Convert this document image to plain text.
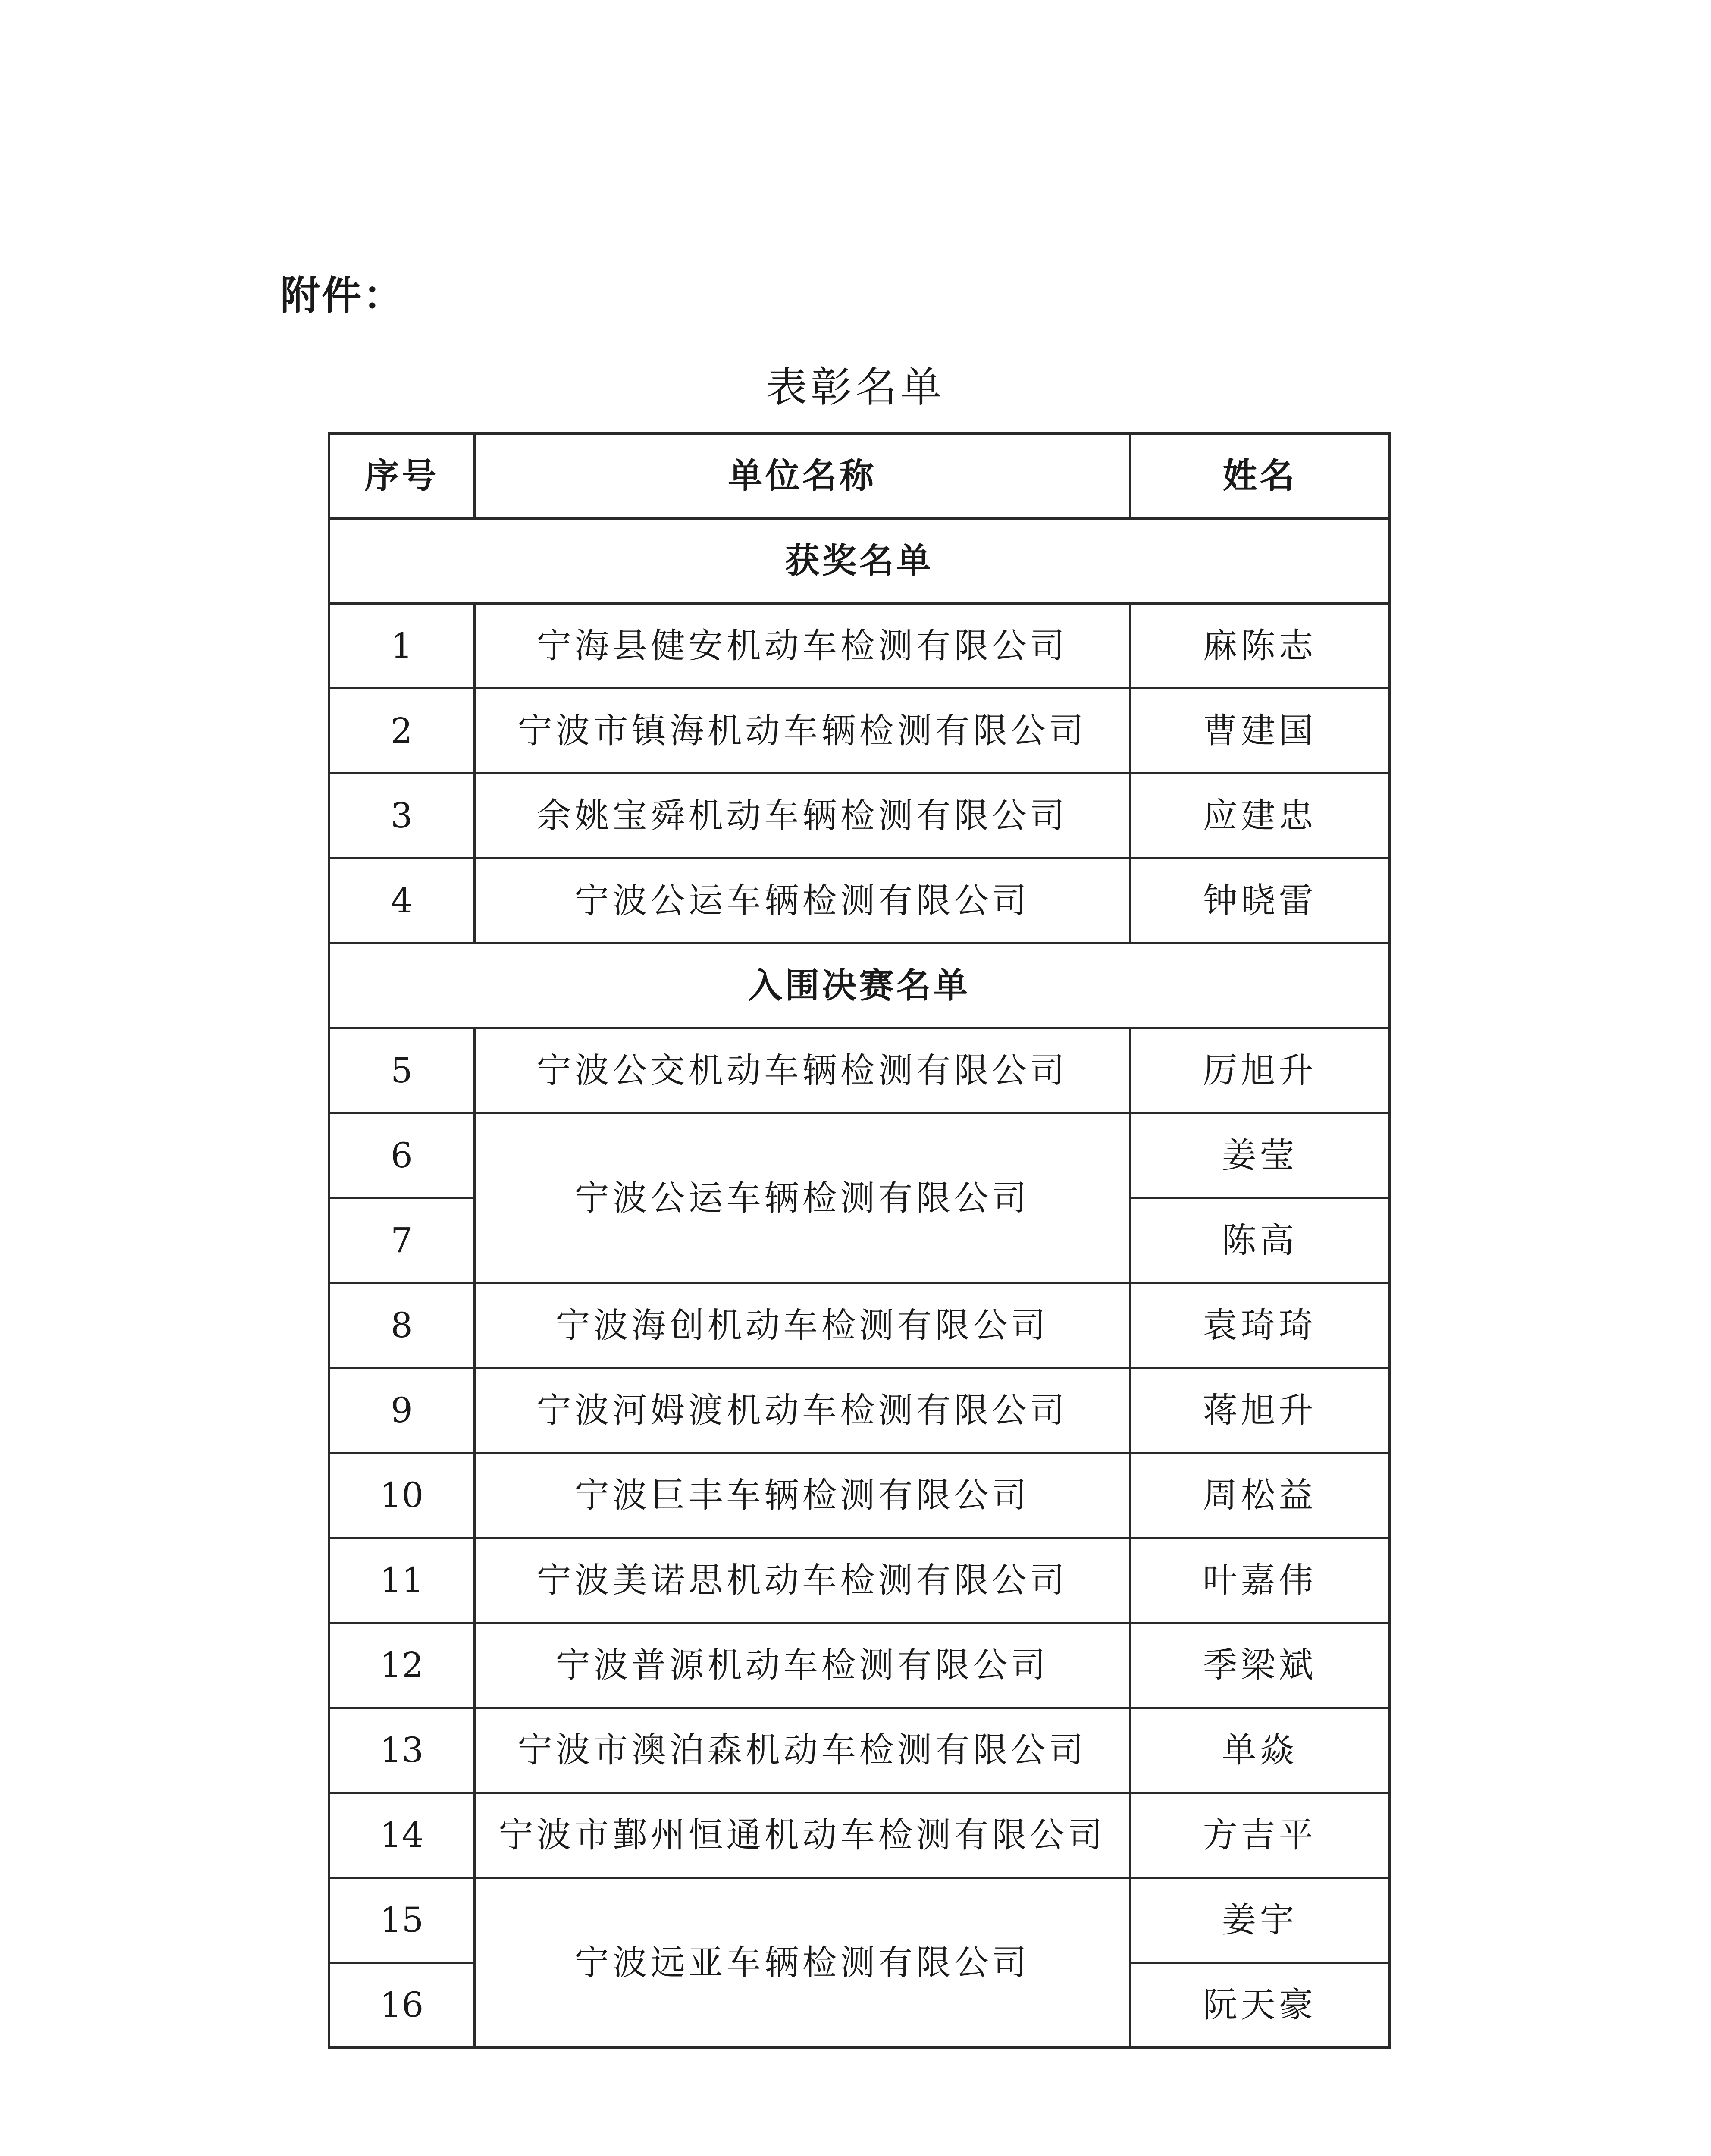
附件：
表彰名单
序号	单位名称	姓名
获奖名单		
1	宁海县健安机动车检测有限公司	麻陈志
2	宁波市镇海机动车辆检测有限公司	曹建国
3	余姚宝舜机动车辆检测有限公司	应建忠
4	宁波公运车辆检测有限公司	钟晓雷
入围决赛名单		
5	宁波公交机动车辆检测有限公司	厉旭升
6	宁波公运车辆检测有限公司	姜莹
7		陈高
8	宁波海创机动车检测有限公司	袁琦琦
9	宁波河姆渡机动车检测有限公司	蒋旭升
10	宁波巨丰车辆检测有限公司	周松益
11	宁波美诺思机动车检测有限公司	叶嘉伟
12	宁波普源机动车检测有限公司	季梁斌
13	宁波市澳泊森机动车检测有限公司	单焱
14	宁波市鄞州恒通机动车检测有限公司	方吉平
15	宁波远亚车辆检测有限公司	姜宇
16		阮天豪
